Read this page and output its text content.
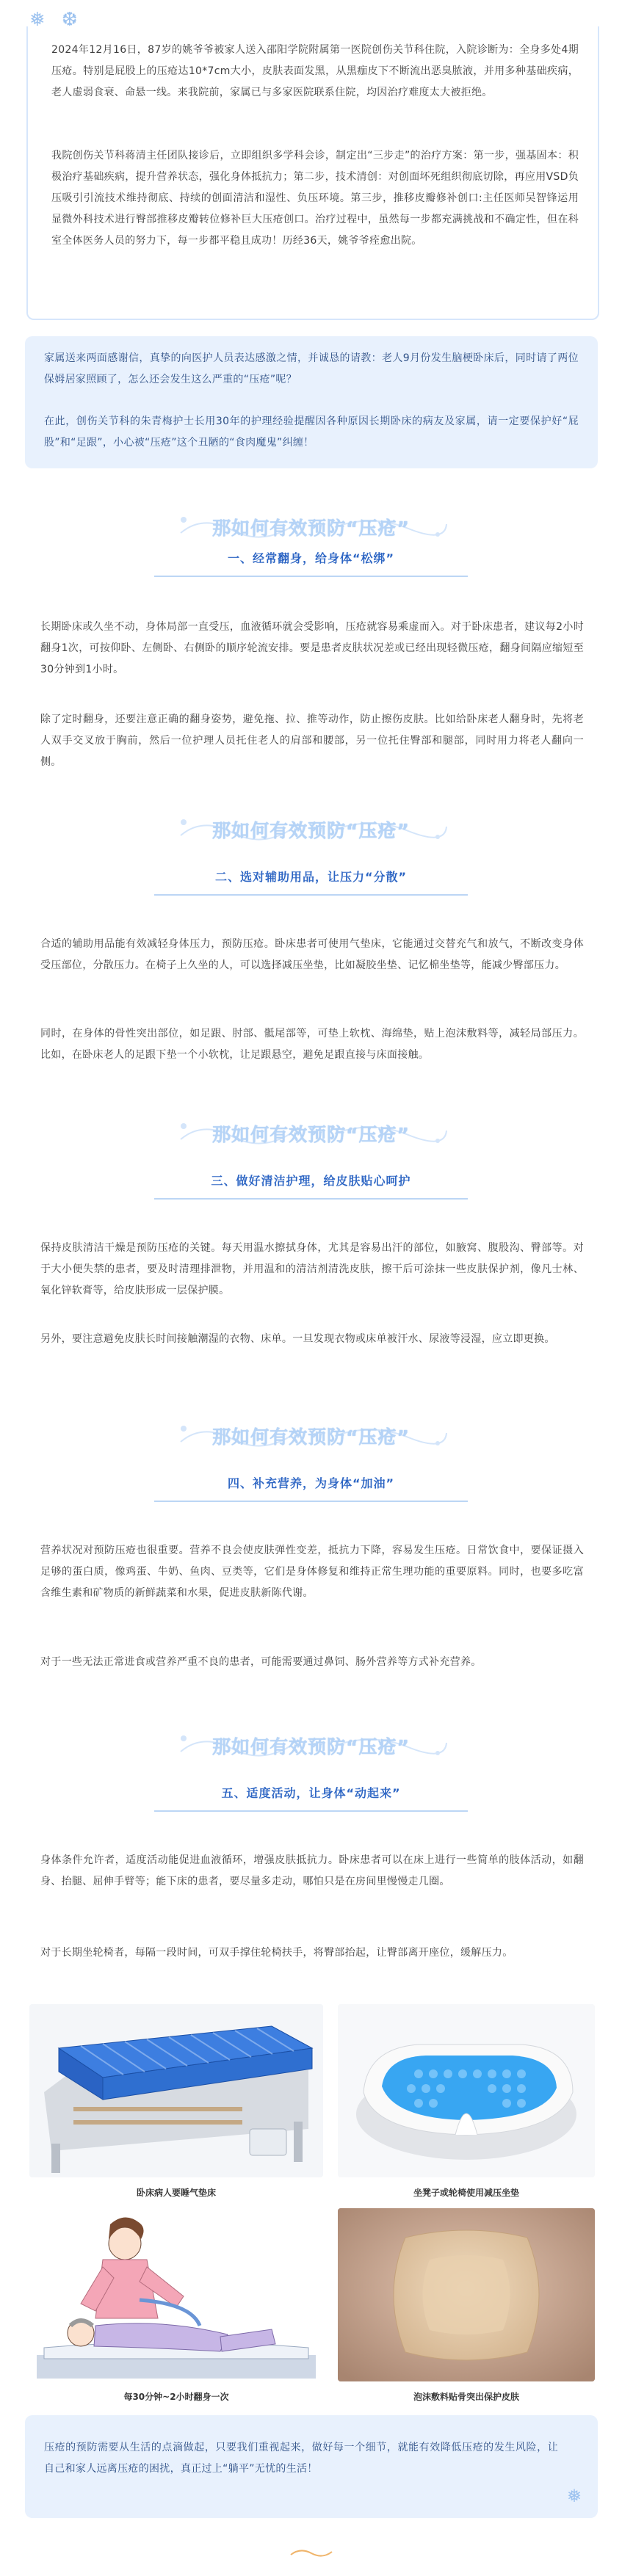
❅ ❆

2024年12月16日，87岁的姚爷爷被家人送入邵阳学院附属第一医院创伤关节科住院，入院诊断为：全身多处4期压疮。特别是屁股上的压疮达10*7cm大小，皮肤表面发黑，从黑痂皮下不断流出恶臭脓液，并用多种基础疾病，老人虚弱食衰、命悬一线。来我院前，家属已与多家医院联系住院，均因治疗难度太大被拒绝。

我院创伤关节科蒋清主任团队接诊后，立即组织多学科会诊，制定出“三步走”的治疗方案：第一步，强基固本：积极治疗基础疾病，提升营养状态，强化身体抵抗力；第二步，技术清创：对创面坏死组织彻底切除，再应用VSD负压吸引引流技术维持彻底、持续的创面清洁和湿性、负压环境。第三步，推移皮瓣修补创口:主任医师吴智锋运用显微外科技术进行臀部推移皮瓣转位修补巨大压疮创口。治疗过程中，虽然每一步都充满挑战和不确定性，但在科室全体医务人员的努力下，每一步都平稳且成功！历经36天，姚爷爷痊愈出院。

家属送来两面感谢信，真挚的向医护人员表达感激之情，并诚恳的请教：老人9月份发生脑梗卧床后，同时请了两位保姆居家照顾了，怎么还会发生这么严重的“压疮”呢？

在此，创伤关节科的朱青梅护士长用30年的护理经验提醒因各种原因长期卧床的病友及家属，请一定要保护好“屁股”和“足跟”，小心被“压疮”这个丑陋的“食肉魔鬼”纠缠！

那如何有效预防“压疮”
一、经常翻身，给身体“松绑”

长期卧床或久坐不动，身体局部一直受压，血液循环就会受影响，压疮就容易乘虚而入。对于卧床患者，建议每2小时翻身1次，可按仰卧、左侧卧、右侧卧的顺序轮流安排。要是患者皮肤状况差或已经出现轻微压疮，翻身间隔应缩短至30分钟到1小时。

除了定时翻身，还要注意正确的翻身姿势，避免拖、拉、推等动作，防止擦伤皮肤。比如给卧床老人翻身时，先将老人双手交叉放于胸前，然后一位护理人员托住老人的肩部和腰部，另一位托住臀部和腿部，同时用力将老人翻向一侧。

那如何有效预防“压疮”
二、选对辅助用品，让压力“分散”

合适的辅助用品能有效减轻身体压力，预防压疮。卧床患者可使用气垫床，它能通过交替充气和放气，不断改变身体受压部位，分散压力。在椅子上久坐的人，可以选择减压坐垫，比如凝胶坐垫、记忆棉坐垫等，能减少臀部压力。

同时，在身体的骨性突出部位，如足跟、肘部、骶尾部等，可垫上软枕、海绵垫，贴上泡沫敷料等，减轻局部压力。比如，在卧床老人的足跟下垫一个小软枕，让足跟悬空，避免足跟直接与床面接触。

那如何有效预防“压疮”
三、做好清洁护理，给皮肤贴心呵护

保持皮肤清洁干燥是预防压疮的关键。每天用温水擦拭身体，尤其是容易出汗的部位，如腋窝、腹股沟、臀部等。对于大小便失禁的患者，要及时清理排泄物，并用温和的清洁剂清洗皮肤，擦干后可涂抹一些皮肤保护剂，像凡士林、氧化锌软膏等，给皮肤形成一层保护膜。

另外，要注意避免皮肤长时间接触潮湿的衣物、床单。一旦发现衣物或床单被汗水、尿液等浸湿，应立即更换。

那如何有效预防“压疮”
四、补充营养，为身体“加油”

营养状况对预防压疮也很重要。营养不良会使皮肤弹性变差，抵抗力下降，容易发生压疮。日常饮食中，要保证摄入足够的蛋白质，像鸡蛋、牛奶、鱼肉、豆类等，它们是身体修复和维持正常生理功能的重要原料。同时，也要多吃富含维生素和矿物质的新鲜蔬菜和水果，促进皮肤新陈代谢。

对于一些无法正常进食或营养严重不良的患者，可能需要通过鼻饲、肠外营养等方式补充营养。

那如何有效预防“压疮”
五、适度活动，让身体“动起来”

身体条件允许者，适度活动能促进血液循环，增强皮肤抵抗力。卧床患者可以在床上进行一些简单的肢体活动，如翻身、抬腿、屈伸手臂等；能下床的患者，要尽量多走动，哪怕只是在房间里慢慢走几圈。

对于长期坐轮椅者，每隔一段时间，可双手撑住轮椅扶手，将臀部抬起，让臀部离开座位，缓解压力。

卧床病人要睡气垫床	坐凳子或轮椅使用减压坐垫
每30分钟~2小时翻身一次	泡沫敷料贴骨突出保护皮肤

压疮的预防需要从生活的点滴做起，只要我们重视起来，做好每一个细节，就能有效降低压疮的发生风险，让自己和家人远离压疮的困扰，真正过上“躺平”无忧的生活！

❅
